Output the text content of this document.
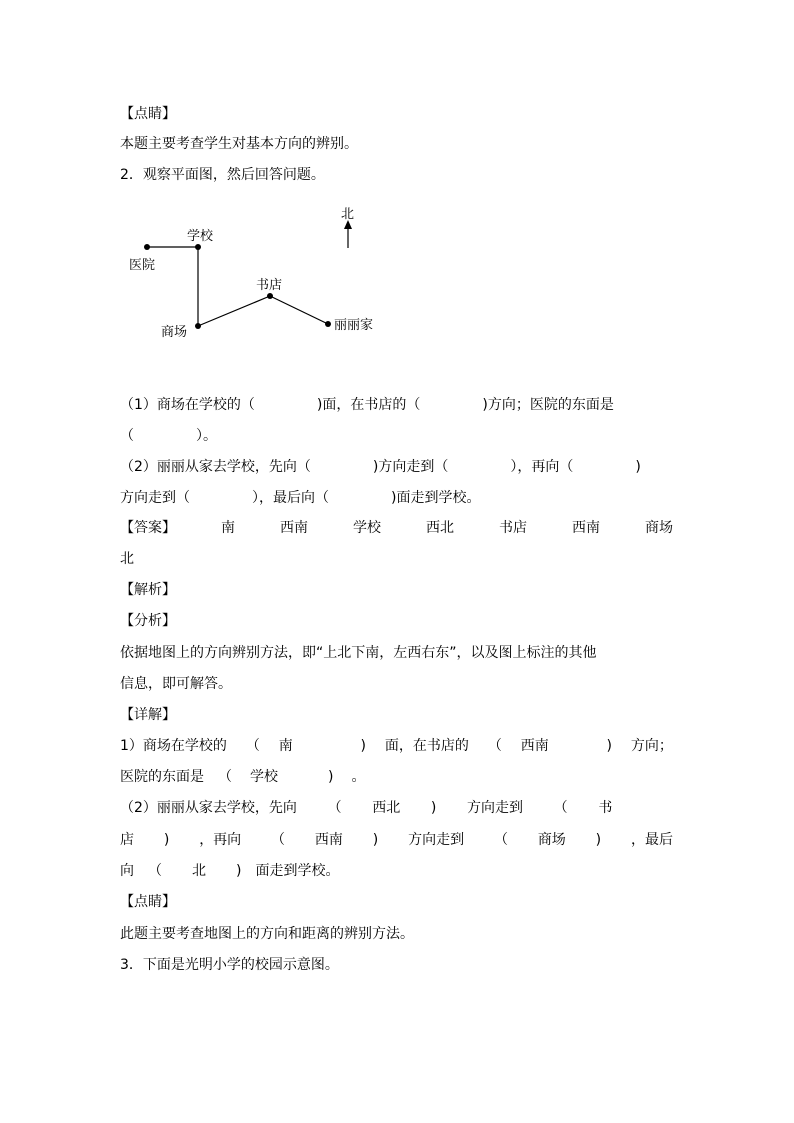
【点睛】
本题主要考查学生对基本方向的辨别。
2．观察平面图，然后回答问题。
北
医院
学校
书店
商场	丽丽家
（1）商场在学校的（	)面，在书店的（	)方向；医院的东面是
（	）。
（2）丽丽从家去学校，先向（	)方向走到（	），再向（	)
方向走到（	），最后向（	)面走到学校。
【答案】	南	西南	学校	西北	书店	西南	商场
北
【解析】
【分析】
依据地图上的方向辨别方法，即“上北下南，左西右东”，以及图上标注的其他
信息，即可解答。
【详解】
1）商场在学校的 （ 南	) 面，在书店的 （ 西南	) 方向；
医院的东面是 （ 学校	) 。
（2）丽丽从家去学校，先向 （ 西北 ) 方向走到 （ 书
店 ) ，再向 （ 西南 ) 方向走到 （ 商场 ) ，最后
向 （ 北 ) 面走到学校。
【点睛】
此题主要考查地图上的方向和距离的辨别方法。
3．下面是光明小学的校园示意图。
